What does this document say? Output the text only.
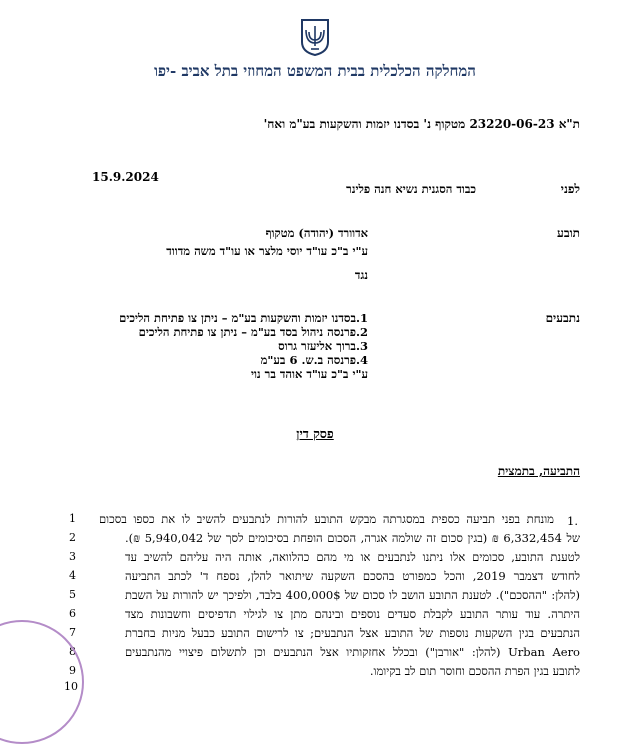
המחלקה הכלכלית בבית המשפט המחוזי בתל אביב -יפו
ת"א 23220-06-23 מטקוף נ' בסדנו יזמות והשקעות בע"מ ואח'
15.9.2024
לפני
כבוד הסגנית נשיא חנה פלינר
תובע
אדוורד (יהודה) מטקוף
ע"י ב"כ עו"ד יוסי מלצר או עו"ד משה מדווד
נגד
נתבעים
1.בסדנו יזמות והשקעות בע"מ – ניתן צו פתיחת הליכים
2.פרנסה ניהול בסד בע"מ – ניתן צו פתיחת הליכים
3.ברוך אליעזר גרוס
4.פרנסה ב.ש. 6 בע"מ
ע"י ב"כ עו"ד אוהד בר נוי
פסק דין
התביעה, בתמצית
1.
1
2
3
4
5
6
7
8
9
10
מונחת בפני תביעה כספית במסגרתה מבקש התובע להורות לנתבעים להשיב לו את כספו בסכום
של 6,332,454 ₪ (בגין סכום זה שולמה אגרה, הסכום הופחת בסיכומים לסך של 5,940,042 ₪).
לטענת התובע, סכומים אלו ניתנו לנתבעים או מי מהם כהלוואה, אותה היה עליהם להשיב עד
לחודש דצמבר 2019, והכל כמפורט בהסכם השקעה שיתואר להלן, נספח ד' לכתב התביעה
(להלן: "ההסכם"). לטענת התובע הושב לו סכום של 400,000$ בלבד, ולפיכך יש להורות על השבת
היתרה. עוד עותר התובע לקבלת סעדים נוספים ובינהם מתן צו לגילוי תדפיסים וחשבונות מצד
הנתבעים בגין השקעות נוספות של התובע אצל הנתבעים; צו לרישום התובע כבעל מניות בחברת
Urban Aero (להלן: "אורבן") ובכלל אחזקותיו אצל הנתבעים וכן לתשלום פיצויי מהנתבעים
לתובע בגין הפרת ההסכם וחוסר תום לב בקיומו.
